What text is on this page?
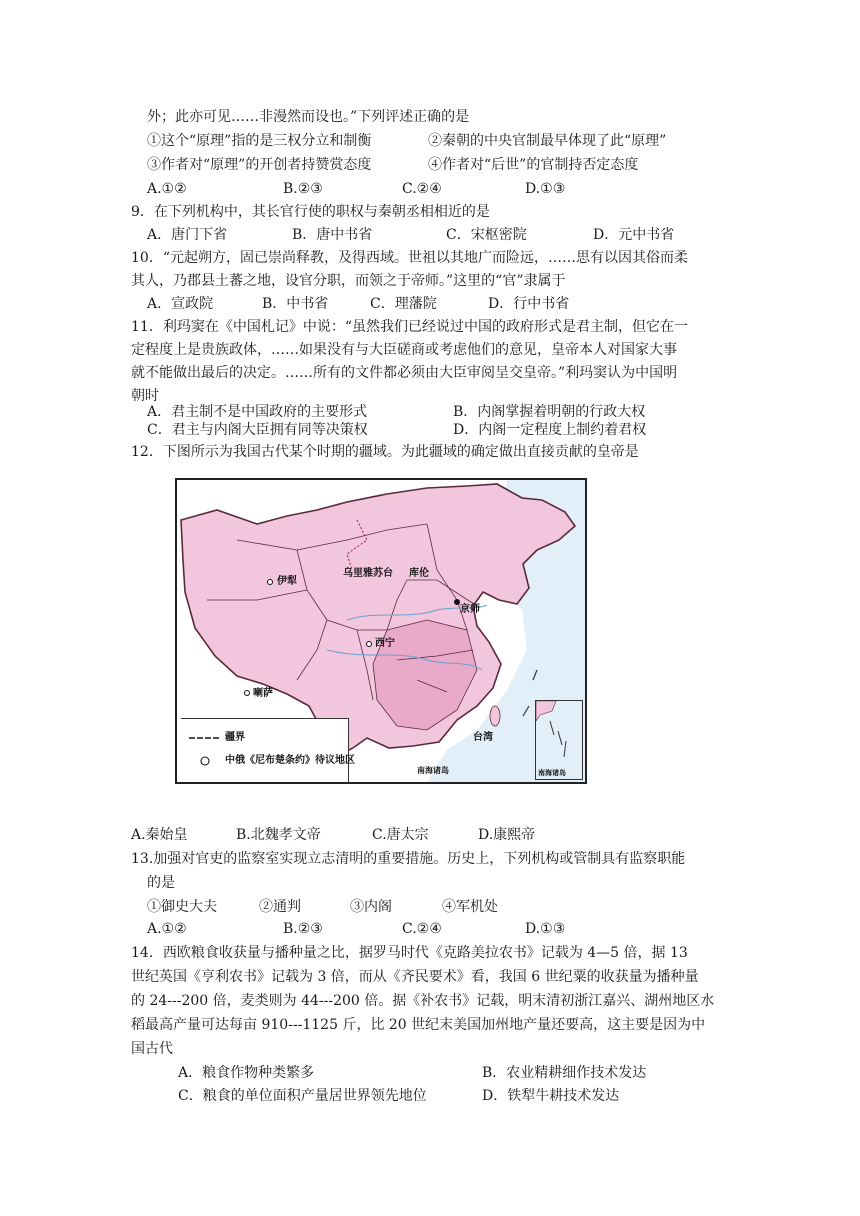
外；此亦可见……非漫然而设也。”下列评述正确的是
①这个“原理”指的是三权分立和制衡	②秦朝的中央官制最早体现了此“原理”
③作者对“原理”的开创者持赞赏态度	④作者对“后世”的官制持否定态度
A.①②	B.②③	C.②④	D.①③
9．在下列机构中，其长官行使的职权与秦朝丞相相近的是
A．唐门下省	B．唐中书省	C．宋枢密院	D．元中书省
10．“元起朔方，固已崇尚释教，及得西域。世祖以其地广而险远，……思有以因其俗而柔
其人，乃郡县土蕃之地，设官分职，而领之于帝师。”这里的“官”隶属于
A．宣政院	B．中书省	C．理藩院	D．行中书省
11．利玛窦在《中国札记》中说：“虽然我们已经说过中国的政府形式是君主制，但它在一
定程度上是贵族政体，……如果没有与大臣磋商或考虑他们的意见，皇帝本人对国家大事
就不能做出最后的决定。……所有的文件都必须由大臣审阅呈交皇帝。”利玛窦认为中国明
朝时
A．君主制不是中国政府的主要形式	B．内阁掌握着明朝的行政大权
C．君主与内阁大臣拥有同等决策权	D．内阁一定程度上制约着君权
12．下图所示为我国古代某个时期的疆域。为此疆域的确定做出直接贡献的皇帝是
伊犁
乌里雅苏台 库伦
京师
西宁
喇萨
台湾
南海诸岛
疆界
中俄《尼布楚条约》待议地区
南海诸岛
A.秦始皇	B.北魏孝文帝	C.唐太宗	D.康熙帝
13.加强对官吏的监察室实现立志清明的重要措施。历史上，下列机构或管制具有监察职能
的是
①御史大夫	②通判	③内阁	④军机处
A.①②	B.②③	C.②④	D.①③
14．西欧粮食收获量与播种量之比，据罗马时代《克路美拉农书》记载为 4—5 倍，据 13
世纪英国《亨利农书》记载为 3 倍，而从《齐民要术》看，我国 6 世纪粟的收获量为播种量
的 24---200 倍，麦类则为 44---200 倍。据《补农书》记载，明末清初浙江嘉兴、湖州地区水
稻最高产量可达每亩 910---1125 斤，比 20 世纪末美国加州地产量还要高，这主要是因为中
国古代
A．粮食作物种类繁多	B．农业精耕细作技术发达
C．粮食的单位面积产量居世界领先地位	D．铁犁牛耕技术发达
